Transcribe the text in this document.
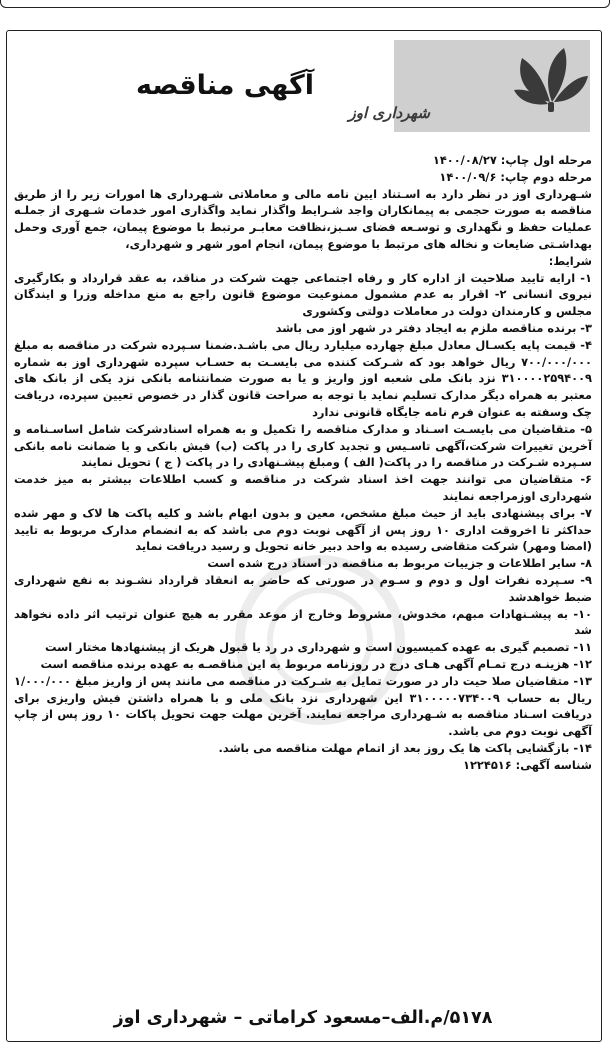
آگهی مناقصه
شهرداری اوز

مرحله اول چاپ: ۱۴۰۰/۰۸/۲۷

مرحله دوم چاپ: ۱۴۰۰/۰۹/۶

شـهرداری اوز در نظر دارد به اسـتناد ایین نامه مالی و معاملاتی شـهرداری ها امورات زیر را از طریق مناقصه به صورت حجمی به پیمانکاران واجد شـرایط واگذار نماید واگذاری امور خدمات شـهری از جملـه عملیات حفظ و نگهداری و توسـعه فضای سـبز،نظافت معابـر مرتبط با موضوع پیمان، جمع آوری وحمل بهداشـتی ضایعات و نخاله های مرتبط با موضوع پیمان، انجام امور شهر و شهرداری،

شرایط:

۱- ارایه تایید صلاحیت از اداره کار و رفاه اجتماعی جهت شرکت در مناقد، به عقد قرارداد و بکارگیری نیروی انسانی ۲- اقرار به عدم مشمول ممنوعیت موضوع قانون راجع به منع مداخله وزرا و ایندگان مجلس و کارمندان دولت در معاملات دولتی وکشوری

۳- برنده مناقصه ملزم به ایجاد دفتر در شهر اوز می باشد

۴- قیمت پایه یکسـال معادل مبلغ چهارده میلیارد ریال می باشـد.ضمنا سـپرده شرکت در مناقصه به مبلغ ۷۰۰/۰۰۰/۰۰۰ ریال خواهد بود که شـرکت کننده می بایسـت به حسـاب سپرده شهرداری اوز به شماره ۳۱۰۰۰۰۲۵۹۴۰۰۹ نزد بانک ملی شعبه اوز واریز و یا به صورت ضمانتنامه بانکی نزد یکی از بانک های معتبر به همراه دیگر مدارک تسلیم نماید با توجه به صراحت قانون گذار در خصوص تعیین سپرده، دریافت چک وسفته به عنوان فرم نامه جایگاه قانونی ندارد

۵- متقاضیان می بایسـت اسـناد و مدارک مناقصه را تکمیل و به همراه اسنادشرکت شامل اساسـنامه و آخرین تغییرات شرکت،آگهی تاسـیس و تجدید کاری را در پاکت (ب) فیش بانکی و یا ضمانت نامه بانکی سـپرده شـرکت در مناقصه را در پاکت( الف ) ومبلغ پیشـنهادی را در پاکت ( ج ) تحویل نمایند

۶- متقاضیان می توانند جهت اخذ اسناد شرکت در مناقصه و کسب اطلاعات بیشتر به میز خدمت شهرداری اوزمراجعه نمایند

۷- برای پیشنهادی باید از حیث مبلغ مشخص، معین و بدون ابهام باشد و کلیه پاکت ها لاک و مهر شده حداکثر تا اخروقت اداری ۱۰ روز پس از آگهی نوبت دوم می باشد که به انضمام مدارک مربوط به تایید (امضا ومهر) شرکت متقاضی رسیده به واحد دبیر خانه تحویل و رسید دریافت نماید

۸- سایر اطلاعات و جزییات مربوط به مناقصه در اسناد درج شده است

۹- سـپرده نفرات اول و دوم و سـوم در صورتی که حاضر به انعقاد قرارداد نشـوند به نفع شهرداری ضبط خواهدشد

۱۰- به پیشـنهادات مبهم، مخدوش، مشروط وخارج از موعد مقرر به هیچ عنوان ترتیب اثر داده نخواهد شد

۱۱- تصمیم گیری به عهده کمیسیون است و شهرداری در رد یا قبول هریک از پیشنهادها مختار است

۱۲- هزینـه درج تمـام آگهی هـای درج در روزنامه مربوط به این مناقصـه به عهده برنده مناقصه است

۱۳- متقاضیان صلا حیت دار در صورت تمایل به شـرکت در مناقصه می مانند پس از واریز مبلغ ۱/۰۰۰/۰۰۰ ریال به حساب ۳۱۰۰۰۰۰۷۳۴۰۰۹ این شهرداری نزد بانک ملی و با همراه داشتن فیش واریزی برای دریافت اسـناد مناقصه به شـهرداری مراجعه نمایند. آخرین مهلت جهت تحویل پاکات ۱۰ روز پس از چاپ آگهی نوبت دوم می باشد.

۱۴- بازگشایی پاکت ها یک روز بعد از اتمام مهلت مناقصه می باشد.

شناسه آگهی: ۱۲۲۴۵۱۶

۵۱۷۸/م.الف–مسعود کراماتی – شهرداری اوز
